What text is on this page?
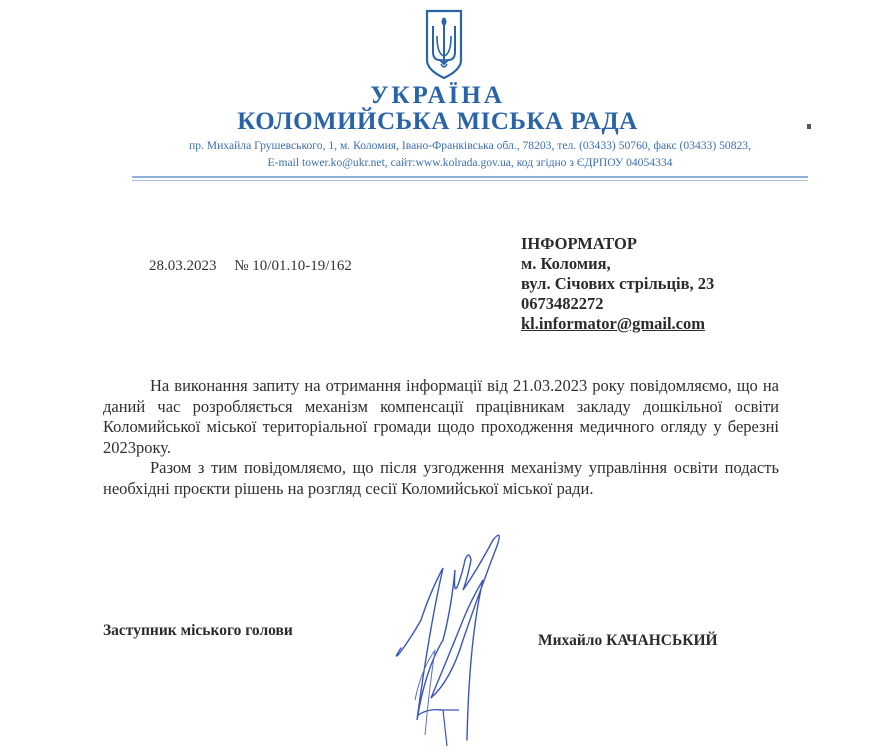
УКРАЇНА
КОЛОМИЙСЬКА МІСЬКА РАДА
пр. Михайла Грушевського, 1, м. Коломия, Івано-Франківська обл., 78203, тел. (03433) 50760, факс (03433) 50823,
E-mail tower.ko@ukr.net, сайт:www.kolrada.gov.ua, код згідно з ЄДРПОУ 04054334
28.03.2023 № 10/01.10-19/162
ІНФОРМАТОР
м. Коломия,
вул. Січових стрільців, 23
0673482272
kl.informator@gmail.com

На виконання запиту на отримання інформації від 21.03.2023 року повідомляємо, що на даний час розробляється механізм компенсації працівникам закладу дошкільної освіти Коломийської міської територіальної громади щодо проходження медичного огляду у березні 2023року.

Разом з тим повідомляємо, що після узгодження механізму управління освіти подасть необхідні проєкти рішень на розгляд сесії Коломийської міської ради.

Заступник міського голови
Михайло КАЧАНСЬКИЙ
